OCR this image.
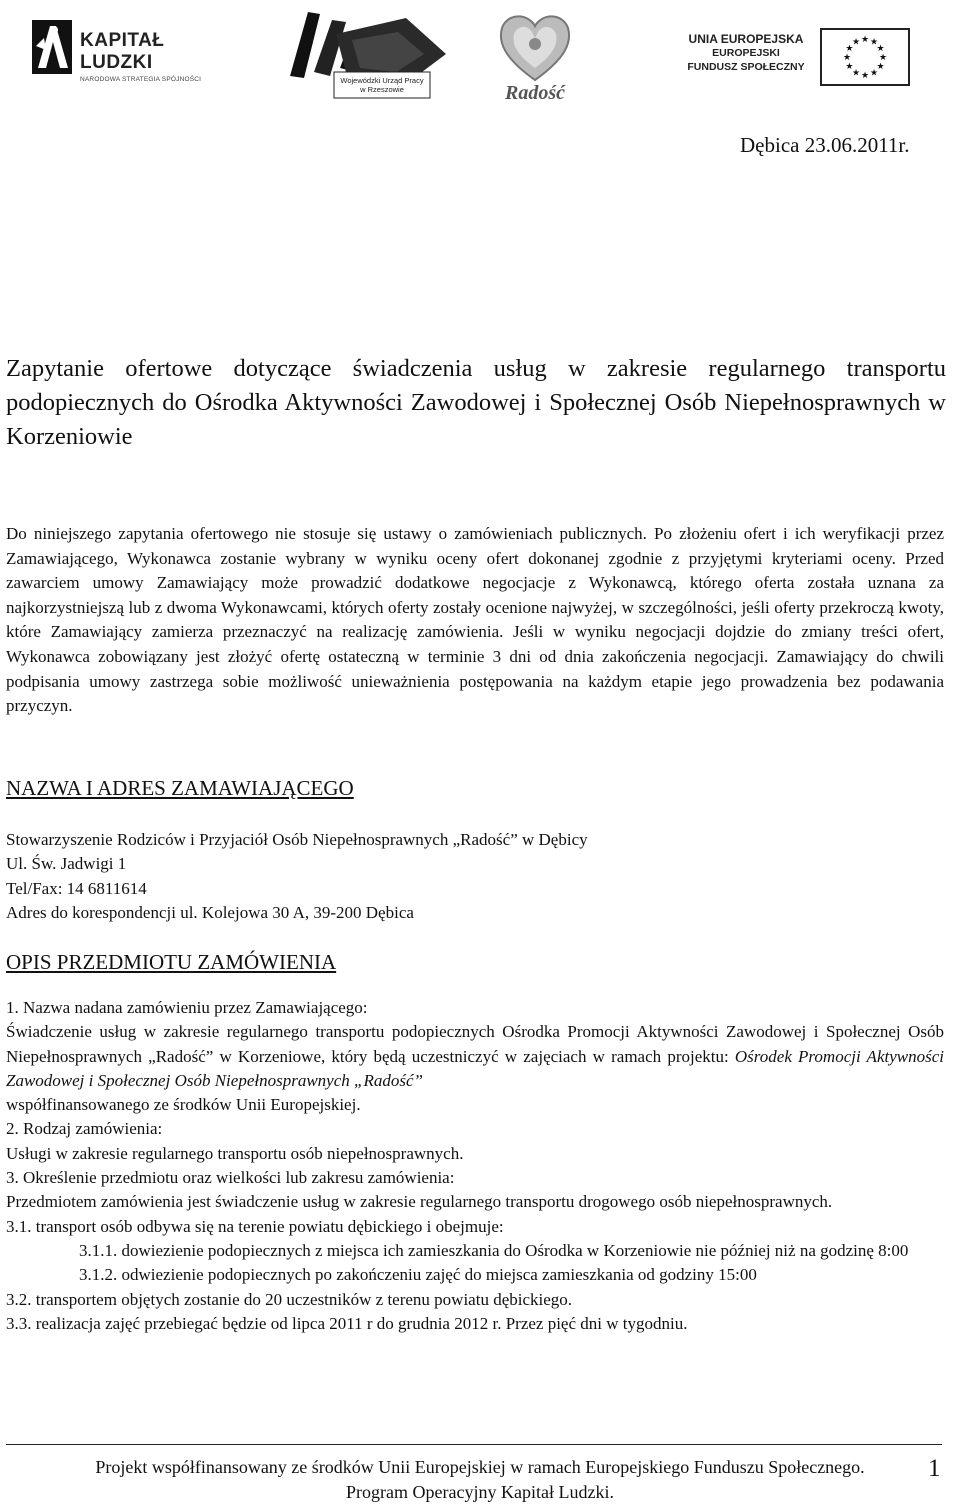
KAPITAŁ LUDZKI
NARODOWA STRATEGIA SPÓJNOŚCI	Wojewódzki Urząd Pracy
w Rzeszowie	Radość
UNIA EUROPEJSKA
EUROPEJSKI
FUNDUSZ SPOŁECZNY
★ ★
★
★
★
★
★
★
★
★
★
★
Dębica 23.06.2011r.
Zapytanie ofertowe dotyczące świadczenia usług w zakresie regularnego transportu podopiecznych do Ośrodka Aktywności Zawodowej i Społecznej Osób Niepełnosprawnych w Korzeniowie
Do niniejszego zapytania ofertowego nie stosuje się ustawy o zamówieniach publicznych. Po złożeniu ofert i ich weryfikacji przez Zamawiającego, Wykonawca zostanie wybrany w wyniku oceny ofert dokonanej zgodnie z przyjętymi kryteriami oceny. Przed zawarciem umowy Zamawiający może prowadzić dodatkowe negocjacje z Wykonawcą, którego oferta została uznana za najkorzystniejszą lub z dwoma Wykonawcami, których oferty zostały ocenione najwyżej, w szczególności, jeśli oferty przekroczą kwoty, które Zamawiający zamierza przeznaczyć na realizację zamówienia. Jeśli w wyniku negocjacji dojdzie do zmiany treści ofert, Wykonawca zobowiązany jest złożyć ofertę ostateczną w terminie 3 dni od dnia zakończenia negocjacji. Zamawiający do chwili podpisania umowy zastrzega sobie możliwość unieważnienia postępowania na każdym etapie jego prowadzenia bez podawania przyczyn.
NAZWA I ADRES ZAMAWIAJĄCEGO
Stowarzyszenie Rodziców i Przyjaciół Osób Niepełnosprawnych „Radość” w Dębicy
Ul. Św. Jadwigi 1
Tel/Fax: 14 6811614
Adres do korespondencji ul. Kolejowa 30 A, 39-200 Dębica
OPIS PRZEDMIOTU ZAMÓWIENIA
1. Nazwa nadana zamówieniu przez Zamawiającego:
Świadczenie usług w zakresie regularnego transportu podopiecznych Ośrodka Promocji Aktywności Zawodowej i Społecznej Osób Niepełnosprawnych „Radość” w Korzeniowe, który będą uczestniczyć w zajęciach w ramach projektu: Ośrodek Promocji Aktywności Zawodowej i Społecznej Osób Niepełnosprawnych „Radość”
współfinansowanego ze środków Unii Europejskiej.
2. Rodzaj zamówienia:
Usługi w zakresie regularnego transportu osób niepełnosprawnych.
3. Określenie przedmiotu oraz wielkości lub zakresu zamówienia:
Przedmiotem zamówienia jest świadczenie usług w zakresie regularnego transportu drogowego osób niepełnosprawnych.
3.1. transport osób odbywa się na terenie powiatu dębickiego i obejmuje:
3.1.1. dowiezienie podopiecznych z miejsca ich zamieszkania do Ośrodka w Korzeniowie nie później niż na godzinę 8:00
3.1.2. odwiezienie podopiecznych po zakończeniu zajęć do miejsca zamieszkania od godziny 15:00
3.2. transportem objętych zostanie do 20 uczestników z terenu powiatu dębickiego.
3.3. realizacja zajęć przebiegać będzie od lipca 2011 r do grudnia 2012 r. Przez pięć dni w tygodniu.
Projekt współfinansowany ze środków Unii Europejskiej w ramach Europejskiego Funduszu Społecznego.
Program Operacyjny Kapitał Ludzki.
1
